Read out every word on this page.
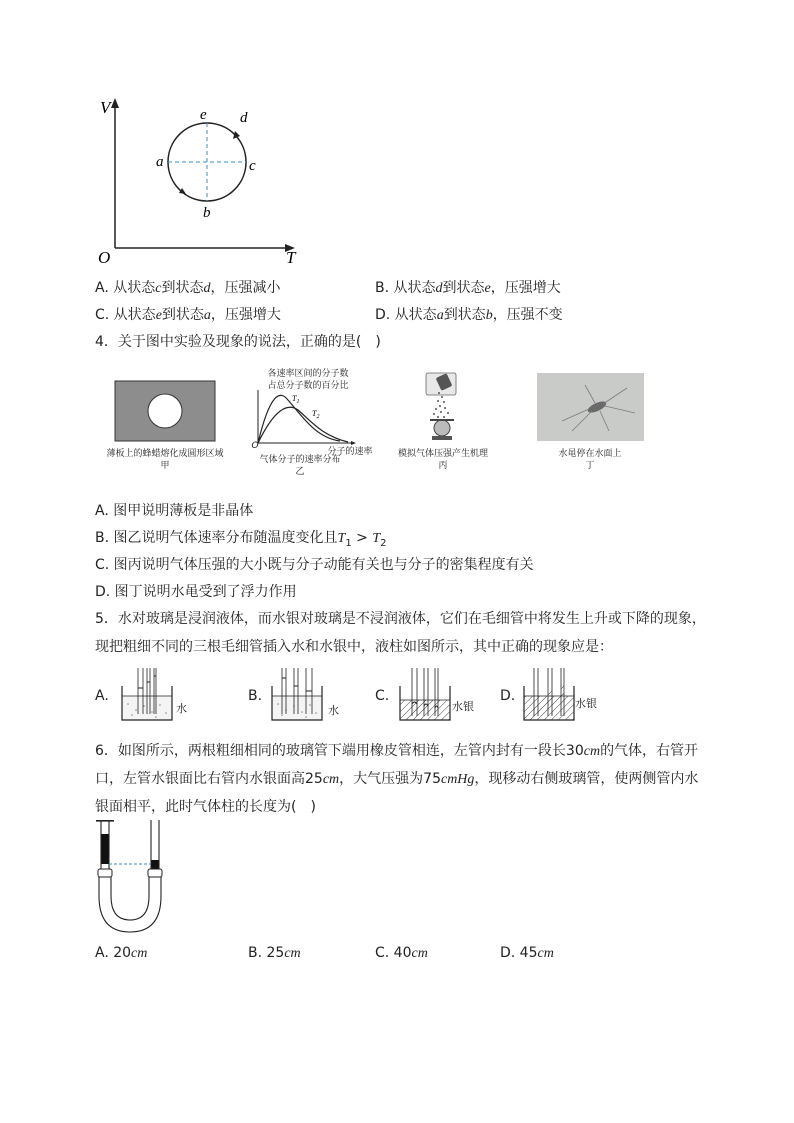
V
T
O
a
b
c
d
e
A. 从状态c到状态d，压强减小	B. 从状态d到状态e，压强增大
C. 从状态e到状态a，压强增大	D. 从状态a到状态b，压强不变
4．关于图中实验及现象的说法，正确的是(　)
薄板上的蜂蜡熔化成圆形区域
甲
各速率区间的分子数
占总分子数的百分比
$T_1$
$T_2$
O
分子的速率
气体分子的速率分布
乙
模拟气体压强产生机理
丙
水黾停在水面上
丁
A. 图甲说明薄板是非晶体
B. 图乙说明气体速率分布随温度变化且$T_1 > T_2$
C. 图丙说明气体压强的大小既与分子动能有关也与分子的密集程度有关
D. 图丁说明水黾受到了浮力作用
5．水对玻璃是浸润液体，而水银对玻璃是不浸润液体，它们在毛细管中将发生上升或下降的现象，
现把粗细不同的三根毛细管插入水和水银中，液柱如图所示，其中正确的现象应是：
A.
水
B.
水
C.
水银
D.	水银
6．如图所示，两根粗细相同的玻璃管下端用橡皮管相连，左管内封有一段长30cm的气体，右管开
口，左管水银面比右管内水银面高25cm，大气压强为75cmHg，现移动右侧玻璃管，使两侧管内水
银面相平，此时气体柱的长度为(　)
A. 20cm	B. 25cm	C. 40cm	D. 45cm
